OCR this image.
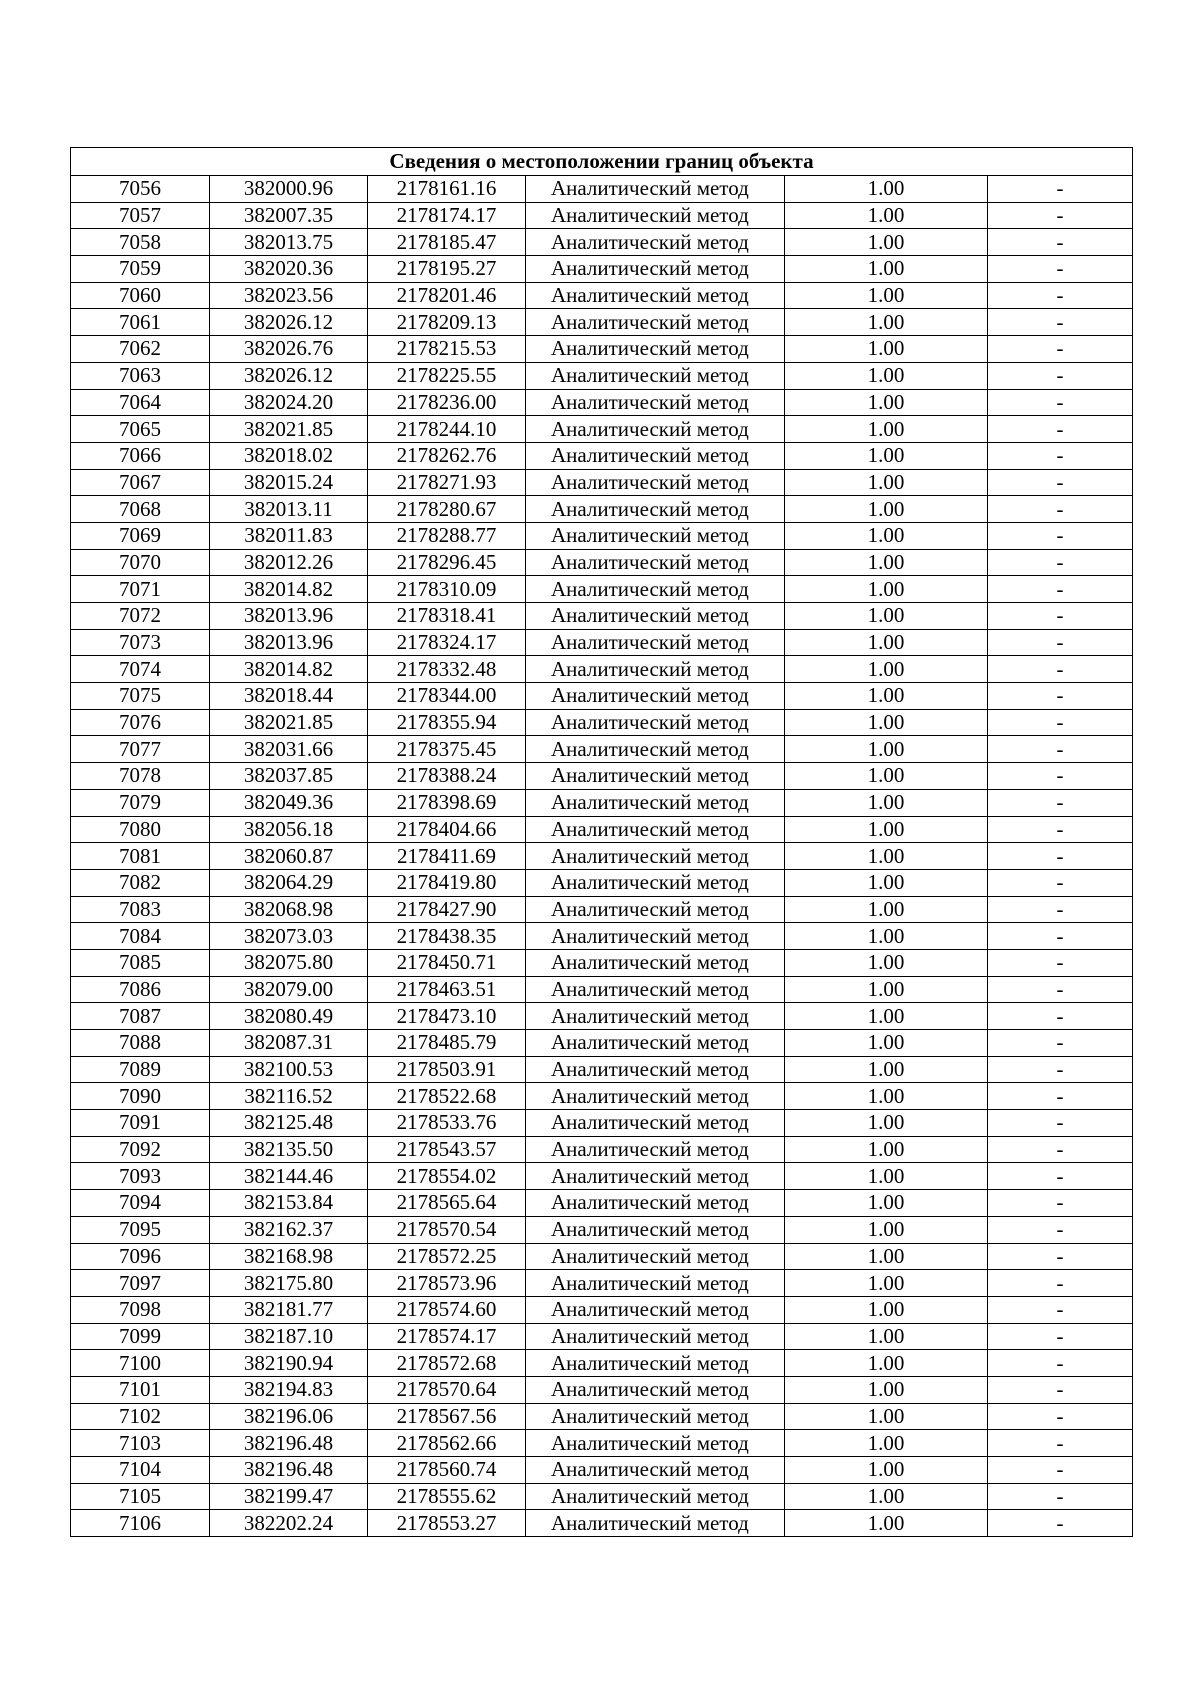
Сведения о местоположении границ объекта					
7056	382000.96	2178161.16	Аналитический метод	1.00	-
7057	382007.35	2178174.17	Аналитический метод	1.00	-
7058	382013.75	2178185.47	Аналитический метод	1.00	-
7059	382020.36	2178195.27	Аналитический метод	1.00	-
7060	382023.56	2178201.46	Аналитический метод	1.00	-
7061	382026.12	2178209.13	Аналитический метод	1.00	-
7062	382026.76	2178215.53	Аналитический метод	1.00	-
7063	382026.12	2178225.55	Аналитический метод	1.00	-
7064	382024.20	2178236.00	Аналитический метод	1.00	-
7065	382021.85	2178244.10	Аналитический метод	1.00	-
7066	382018.02	2178262.76	Аналитический метод	1.00	-
7067	382015.24	2178271.93	Аналитический метод	1.00	-
7068	382013.11	2178280.67	Аналитический метод	1.00	-
7069	382011.83	2178288.77	Аналитический метод	1.00	-
7070	382012.26	2178296.45	Аналитический метод	1.00	-
7071	382014.82	2178310.09	Аналитический метод	1.00	-
7072	382013.96	2178318.41	Аналитический метод	1.00	-
7073	382013.96	2178324.17	Аналитический метод	1.00	-
7074	382014.82	2178332.48	Аналитический метод	1.00	-
7075	382018.44	2178344.00	Аналитический метод	1.00	-
7076	382021.85	2178355.94	Аналитический метод	1.00	-
7077	382031.66	2178375.45	Аналитический метод	1.00	-
7078	382037.85	2178388.24	Аналитический метод	1.00	-
7079	382049.36	2178398.69	Аналитический метод	1.00	-
7080	382056.18	2178404.66	Аналитический метод	1.00	-
7081	382060.87	2178411.69	Аналитический метод	1.00	-
7082	382064.29	2178419.80	Аналитический метод	1.00	-
7083	382068.98	2178427.90	Аналитический метод	1.00	-
7084	382073.03	2178438.35	Аналитический метод	1.00	-
7085	382075.80	2178450.71	Аналитический метод	1.00	-
7086	382079.00	2178463.51	Аналитический метод	1.00	-
7087	382080.49	2178473.10	Аналитический метод	1.00	-
7088	382087.31	2178485.79	Аналитический метод	1.00	-
7089	382100.53	2178503.91	Аналитический метод	1.00	-
7090	382116.52	2178522.68	Аналитический метод	1.00	-
7091	382125.48	2178533.76	Аналитический метод	1.00	-
7092	382135.50	2178543.57	Аналитический метод	1.00	-
7093	382144.46	2178554.02	Аналитический метод	1.00	-
7094	382153.84	2178565.64	Аналитический метод	1.00	-
7095	382162.37	2178570.54	Аналитический метод	1.00	-
7096	382168.98	2178572.25	Аналитический метод	1.00	-
7097	382175.80	2178573.96	Аналитический метод	1.00	-
7098	382181.77	2178574.60	Аналитический метод	1.00	-
7099	382187.10	2178574.17	Аналитический метод	1.00	-
7100	382190.94	2178572.68	Аналитический метод	1.00	-
7101	382194.83	2178570.64	Аналитический метод	1.00	-
7102	382196.06	2178567.56	Аналитический метод	1.00	-
7103	382196.48	2178562.66	Аналитический метод	1.00	-
7104	382196.48	2178560.74	Аналитический метод	1.00	-
7105	382199.47	2178555.62	Аналитический метод	1.00	-
7106	382202.24	2178553.27	Аналитический метод	1.00	-
